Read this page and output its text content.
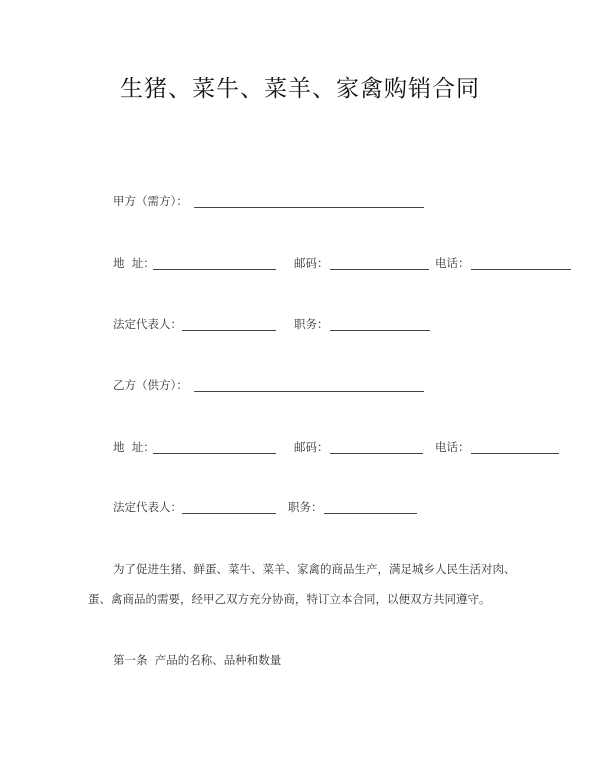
生猪、菜牛、菜羊、家禽购销合同
甲方（需方）：
地  址：	邮码：	电话：
法定代表人：	职务：
乙方（供方）：
地  址：	邮码：	电话：
法定代表人：	职务：
为了促进生猪、鲜蛋、菜牛、菜羊、家禽的商品生产，满足城乡人民生活对肉、
蛋、禽商品的需要，经甲乙双方充分协商，特订立本合同，以便双方共同遵守。
第一条  产品的名称、品种和数量
